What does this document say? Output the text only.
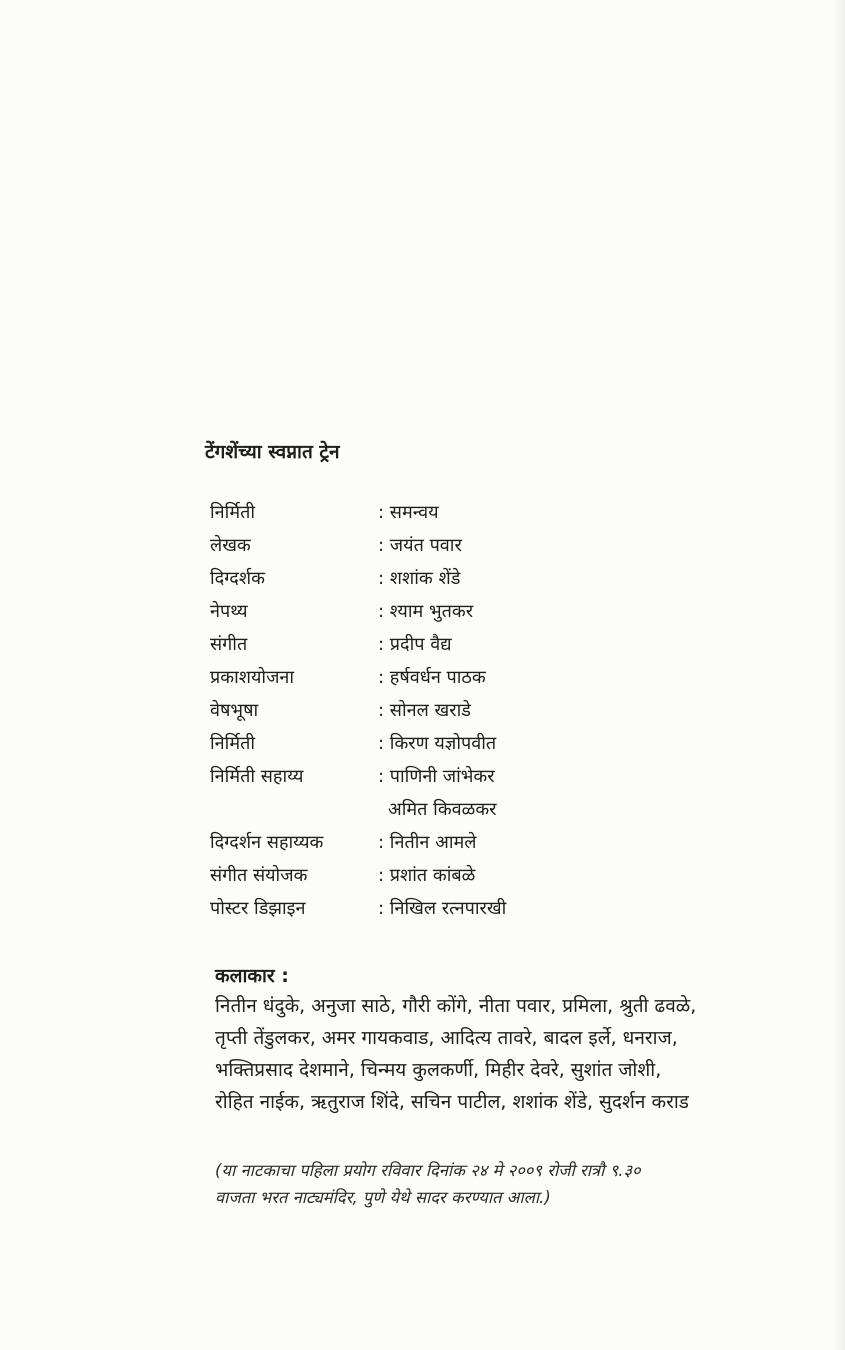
टेंगशेंच्या स्वप्नात ट्रेन
निर्मिती	: समन्वय
लेखक	: जयंत पवार
दिग्दर्शक	: शशांक शेंडे
नेपथ्य	: श्याम भुतकर
संगीत	: प्रदीप वैद्य
प्रकाशयोजना	: हर्षवर्धन पाठक
वेषभूषा	: सोनल खराडे
निर्मिती	: किरण यज्ञोपवीत
निर्मिती सहाय्य	: पाणिनी जांभेकर
अमित किवळकर
दिग्दर्शन सहाय्यक	: नितीन आमले
संगीत संयोजक	: प्रशांत कांबळे
पोस्टर डिझाइन	: निखिल रत्नपारखी
कलाकार :
नितीन धंदुके, अनुजा साठे, गौरी कोंगे, नीता पवार, प्रमिला, श्रुती ढवळे,
तृप्ती तेंडुलकर, अमर गायकवाड, आदित्य तावरे, बादल इर्ले, धनराज,
भक्तिप्रसाद देशमाने, चिन्मय कुलकर्णी, मिहीर देवरे, सुशांत जोशी,
रोहित नाईक, ऋतुराज शिंदे, सचिन पाटील, शशांक शेंडे, सुदर्शन कराड
(या नाटकाचा पहिला प्रयोग रविवार दिनांक २४ मे २००९ रोजी रात्रौ ९.३०
वाजता भरत नाट्यमंदिर, पुणे येथे सादर करण्यात आला.)
